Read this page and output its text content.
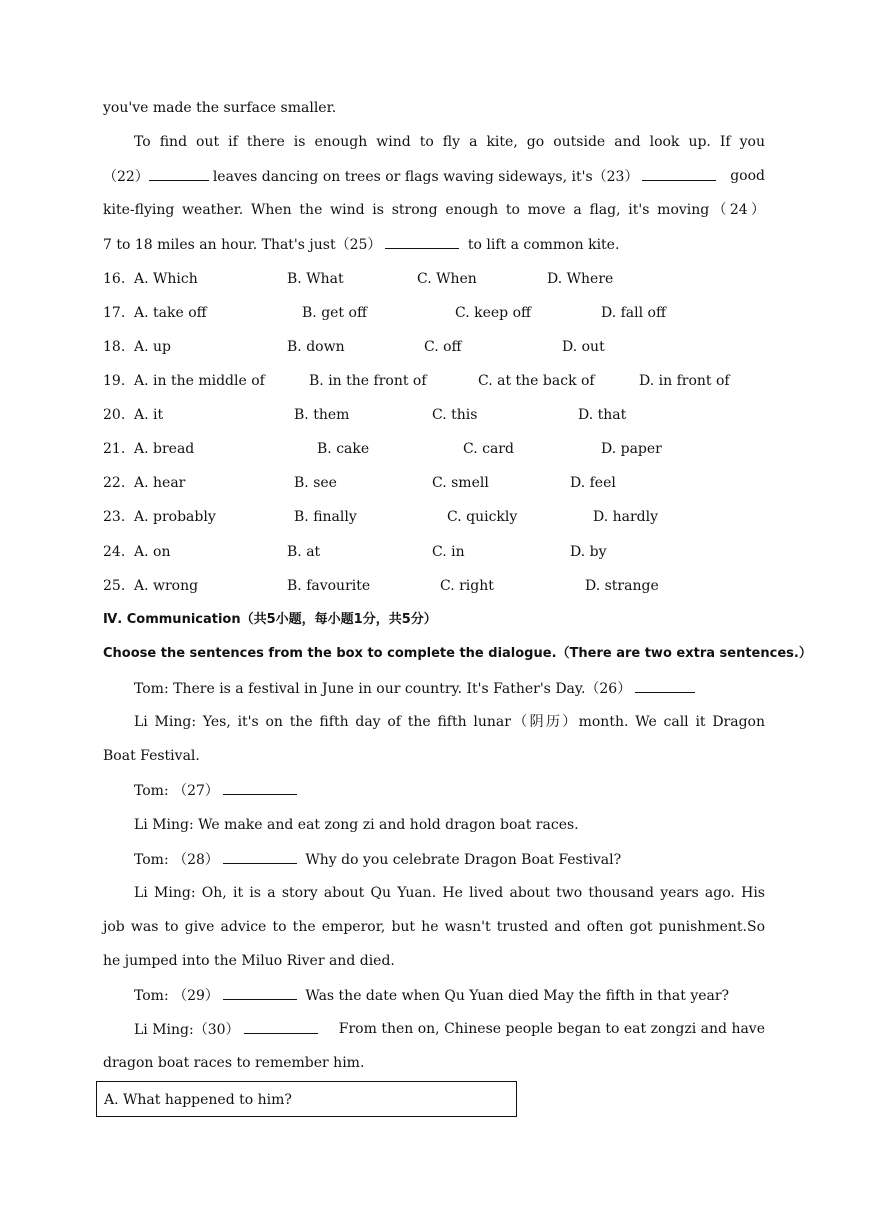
you've made the surface smaller.
To find out if there is enough wind to fly a kite, go outside and look up. If you
（22）	leaves dancing on trees or flags waving sideways, it's（23）	good
kite-flying weather. When the wind is strong enough to move a flag, it's moving（24）
7 to 18 miles an hour. That's just（25）	to lift a common kite.
16. A. Which	B. What	C. When	D. Where
17. A. take off	B. get off	C. keep off	D. fall off
18. A. up	B. down	C. off	D. out
19. A. in the middle of	B. in the front of	C. at the back of	D. in front of
20. A. it	B. them	C. this	D. that
21. A. bread	B. cake	C. card	D. paper
22. A. hear	B. see	C. smell	D. feel
23. A. probably	B. finally	C. quickly	D. hardly
24. A. on	B. at	C. in	D. by
25. A. wrong	B. favourite	C. right	D. strange
Ⅳ. Communication（共5小题，每小题1分，共5分）
Choose the sentences from the box to complete the dialogue.（There are two extra sentences.）
Tom: There is a festival in June in our country. It's Father's Day.（26）
Li Ming: Yes, it's on the fifth day of the fifth lunar（阴历）month. We call it Dragon
Boat Festival.
Tom: （27）
Li Ming: We make and eat zong zi and hold dragon boat races.
Tom: （28）	Why do you celebrate Dragon Boat Festival?
Li Ming: Oh, it is a story about Qu Yuan. He lived about two thousand years ago. His
job was to give advice to the emperor, but he wasn't trusted and often got punishment.So
he jumped into the Miluo River and died.
Tom: （29）	Was the date when Qu Yuan died May the fifth in that year?
Li Ming:（30）	From then on, Chinese people began to eat zongzi and have
dragon boat races to remember him.
A. What happened to him?
